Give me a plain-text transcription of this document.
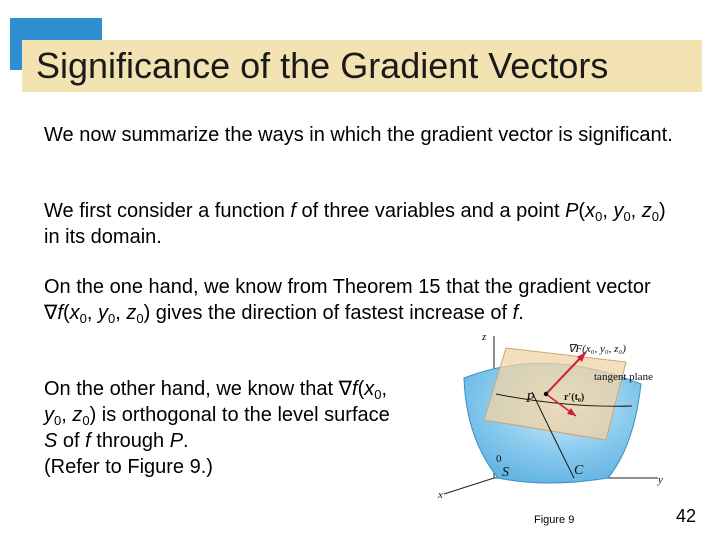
Significance of the Gradient Vectors

We now summarize the ways in which the gradient vector is significant.

We first consider a function f of three variables and a point $P(x_0$, $y_0$, $z_0$) in its domain.

On the one hand, we know from Theorem 15 that the gradient vector $\nabla f(x_0$, $y_0$, $z_0$) gives the direction of fastest increase of f.

On the other hand, we know that $\nabla f(x_0$, $y_0$, $z_0$) is orthogonal to the level surface S of f through P.
(Refer to Figure 9.)

∇F(x₀, y₀, z₀)
tangent plane
P	r′(t₀)
0
S	C
x
y
z
Figure 9	42
